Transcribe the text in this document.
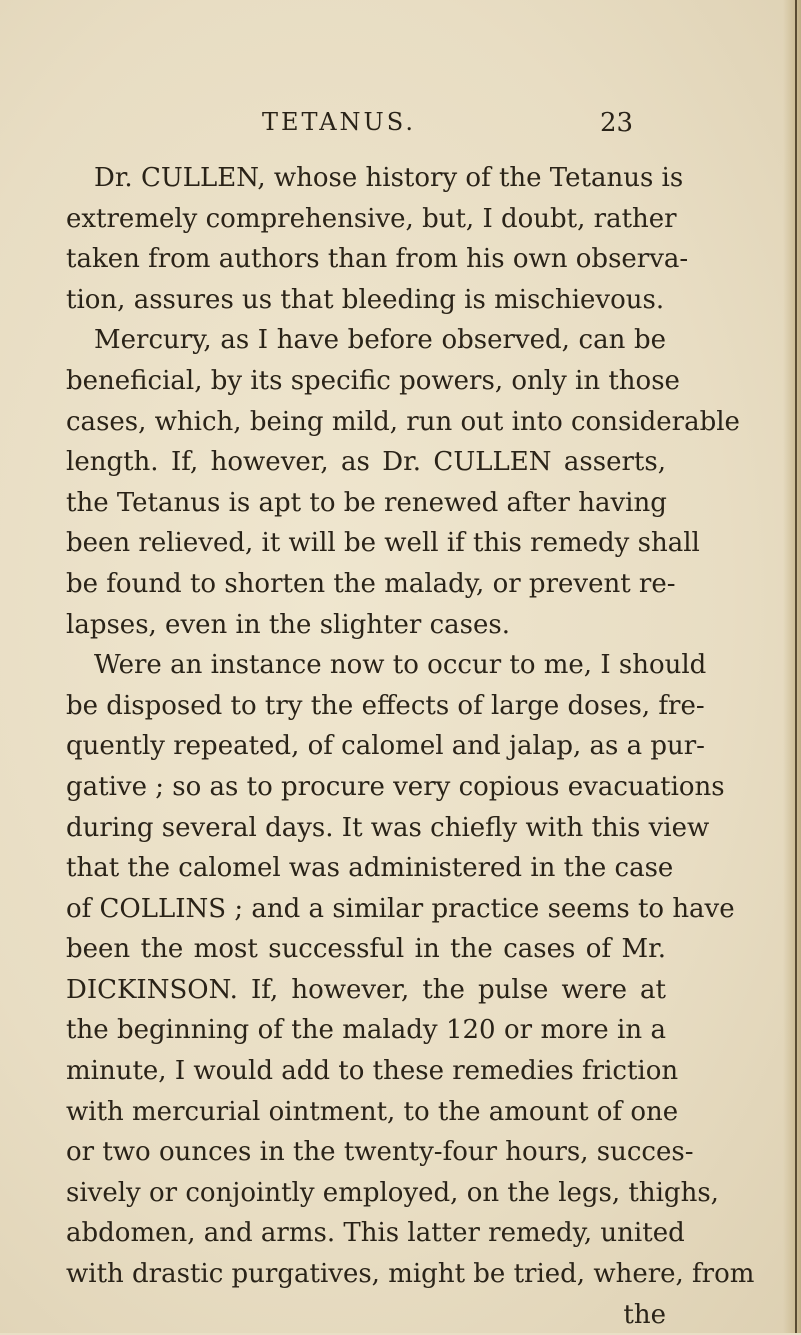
TETANUS.	23
Dr. CULLEN, whose history of the Tetanus is
extremely comprehensive, but, I doubt, rather
taken from authors than from his own observa-
tion, assures us that bleeding is mischievous.
Mercury, as I have before observed, can be
beneficial, by its specific powers, only in those
cases, which, being mild, run out into considerable
length. If, however, as Dr. CULLEN asserts,
the Tetanus is apt to be renewed after having
been relieved, it will be well if this remedy shall
be found to shorten the malady, or prevent re-
lapses, even in the slighter cases.
Were an instance now to occur to me, I should
be disposed to try the effects of large doses, fre-
quently repeated, of calomel and jalap, as a pur-
gative ; so as to procure very copious evacuations
during several days. It was chiefly with this view
that the calomel was administered in the case
of COLLINS ; and a similar practice seems to have
been the most successful in the cases of Mr.
DICKINSON. If, however, the pulse were at
the beginning of the malady 120 or more in a
minute, I would add to these remedies friction
with mercurial ointment, to the amount of one
or two ounces in the twenty-four hours, succes-
sively or conjointly employed, on the legs, thighs,
abdomen, and arms. This latter remedy, united
with drastic purgatives, might be tried, where, from
the
